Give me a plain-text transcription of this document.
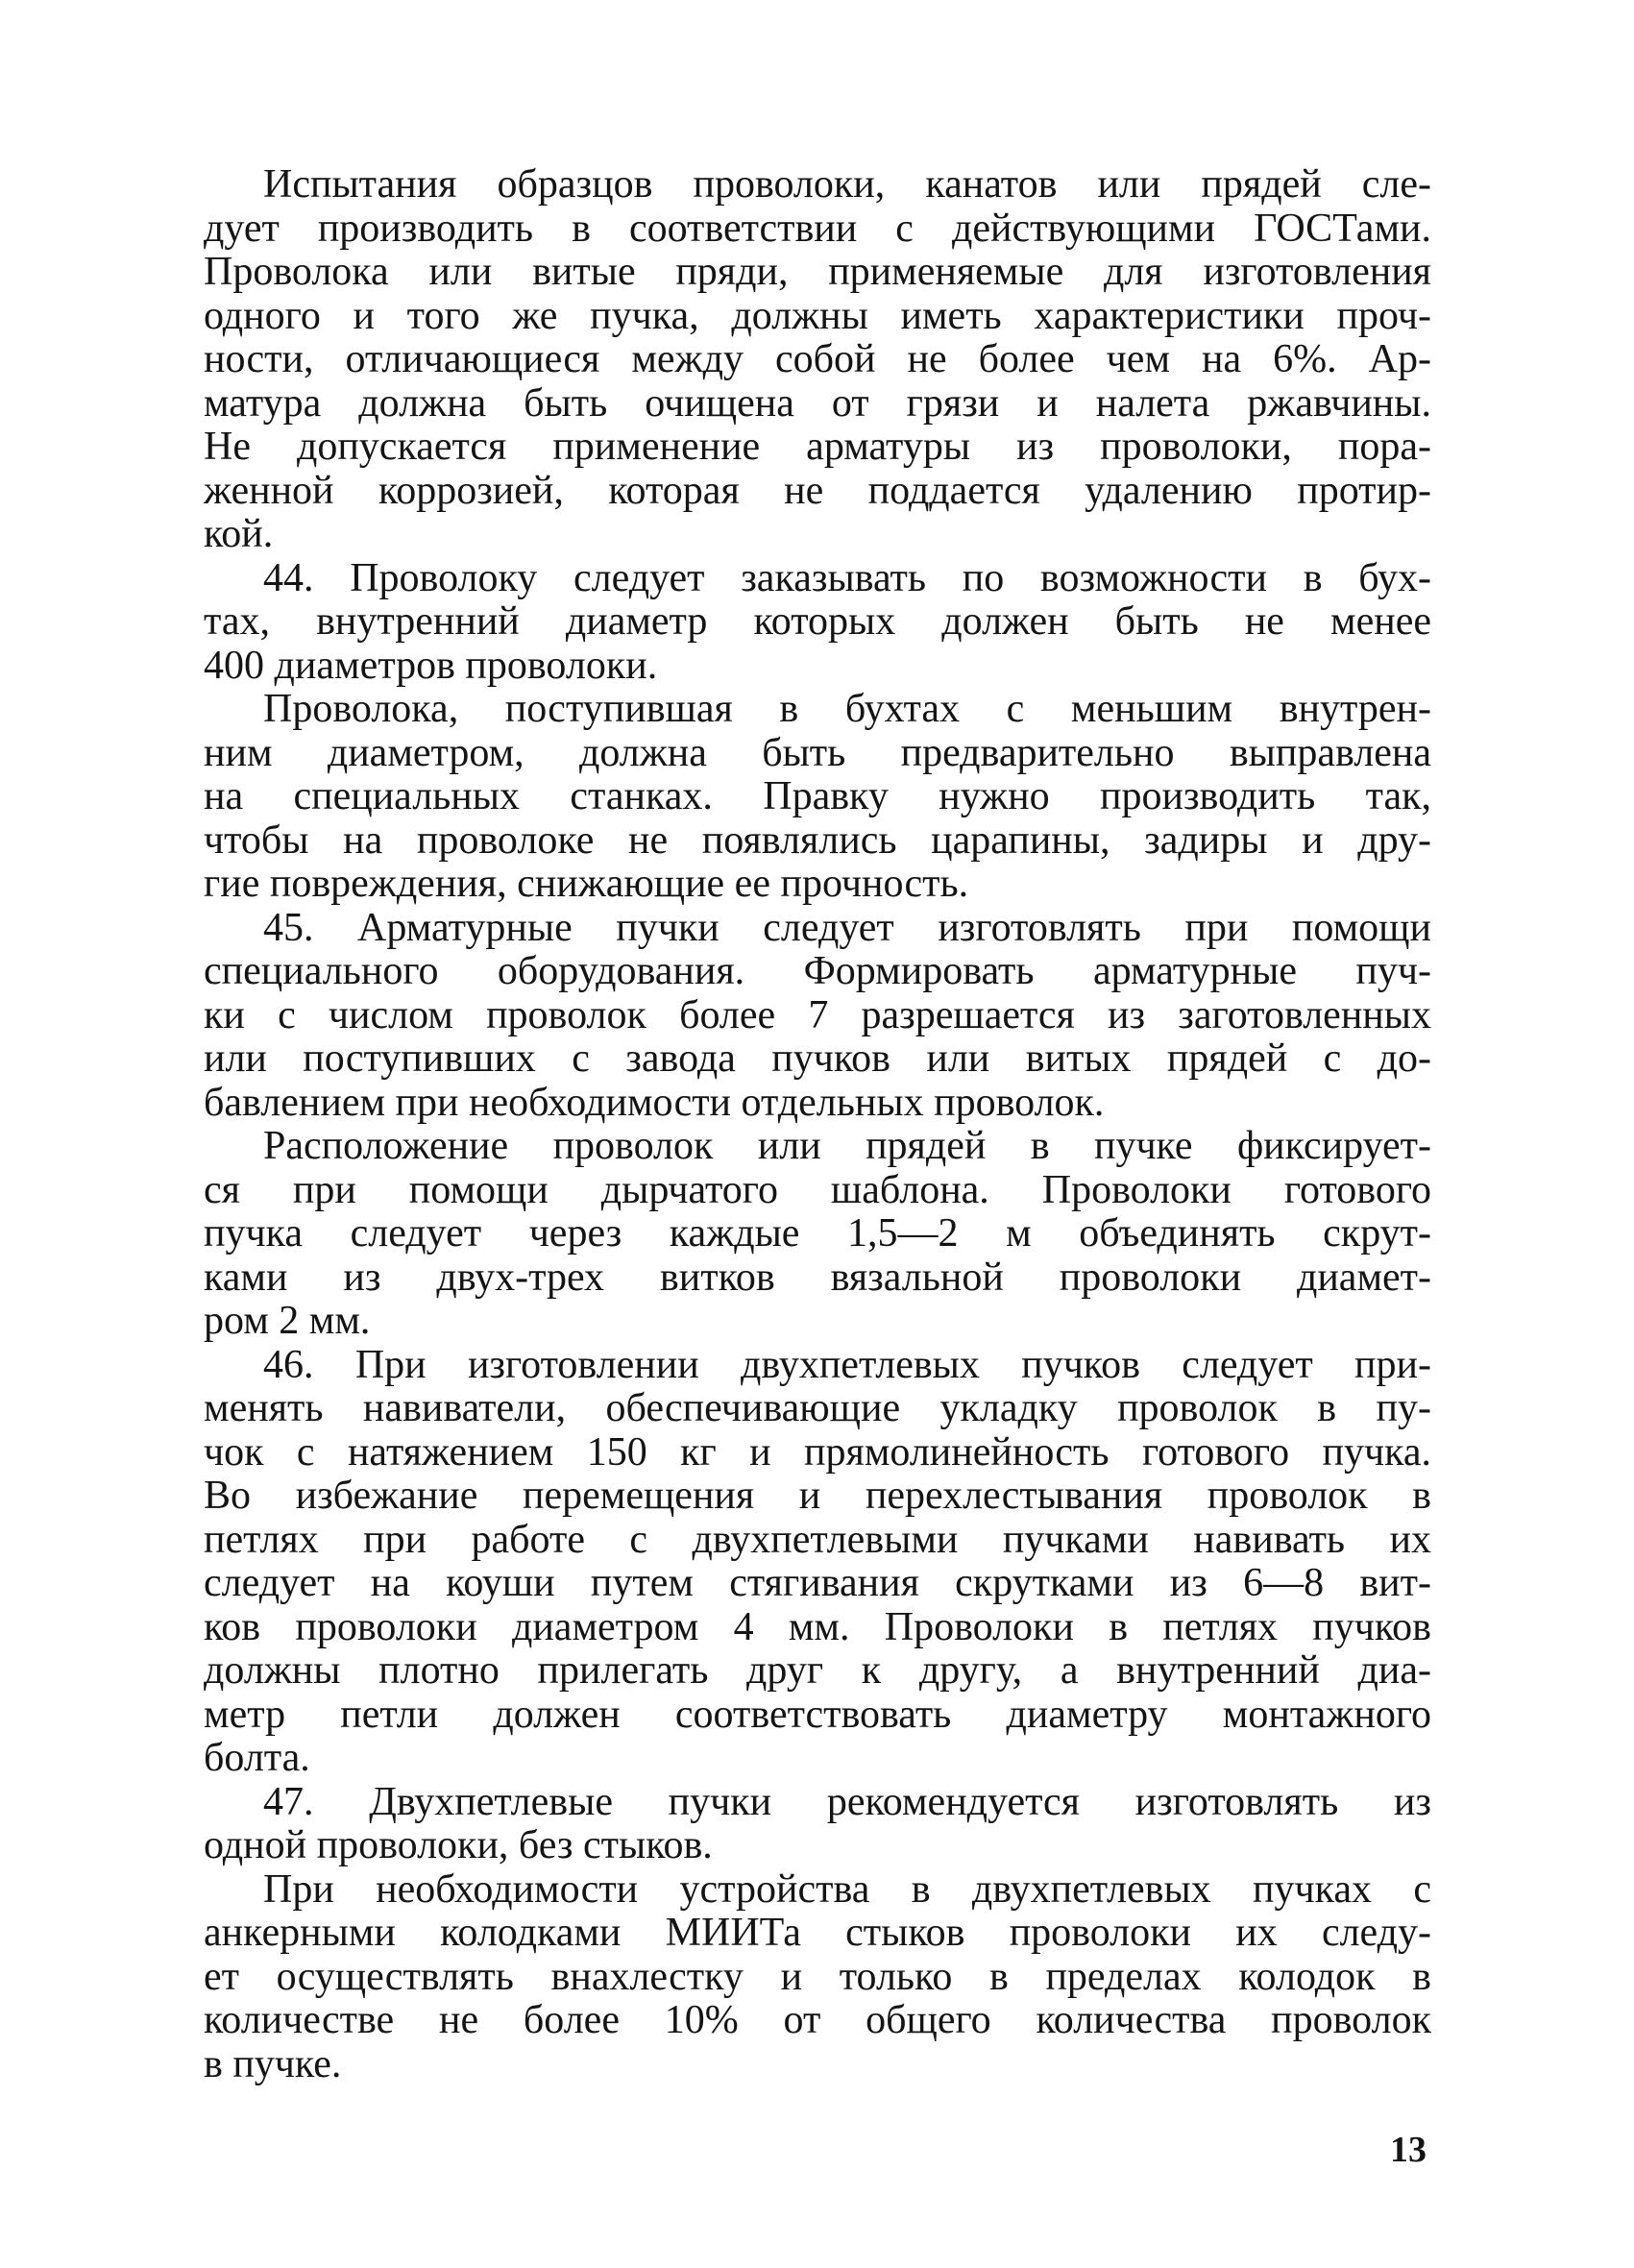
Испытания образцов проволоки, канатов или прядей сле-
дует производить в соответствии с действующими ГОСТами.
Проволока или витые пряди, применяемые для изготовления
одного и того же пучка, должны иметь характеристики проч-
ности, отличающиеся между собой не более чем на 6%. Ар-
матура должна быть очищена от грязи и налета ржавчины.
Не допускается применение арматуры из проволоки, пора-
женной коррозией, которая не поддается удалению протир-
кой.
44. Проволоку следует заказывать по возможности в бух-
тах, внутренний диаметр которых должен быть не менее
400 диаметров проволоки.
Проволока, поступившая в бухтах с меньшим внутрен-
ним диаметром, должна быть предварительно выправлена
на специальных станках. Правку нужно производить так,
чтобы на проволоке не появлялись царапины, задиры и дру-
гие повреждения, снижающие ее прочность.
45. Арматурные пучки следует изготовлять при помощи
специального оборудования. Формировать арматурные пуч-
ки с числом проволок более 7 разрешается из заготовленных
или поступивших с завода пучков или витых прядей с до-
бавлением при необходимости отдельных проволок.
Расположение проволок или прядей в пучке фиксирует-
ся при помощи дырчатого шаблона. Проволоки готового
пучка следует через каждые 1,5—2 м объединять скрут-
ками из двух-трех витков вязальной проволоки диамет-
ром 2 мм.
46. При изготовлении двухпетлевых пучков следует при-
менять навиватели, обеспечивающие укладку проволок в пу-
чок с натяжением 150 кг и прямолинейность готового пучка.
Во избежание перемещения и перехлестывания проволок в
петлях при работе с двухпетлевыми пучками навивать их
следует на коуши путем стягивания скрутками из 6—8 вит-
ков проволоки диаметром 4 мм. Проволоки в петлях пучков
должны плотно прилегать друг к другу, а внутренний диа-
метр петли должен соответствовать диаметру монтажного
болта.
47. Двухпетлевые пучки рекомендуется изготовлять из
одной проволоки, без стыков.
При необходимости устройства в двухпетлевых пучках с
анкерными колодками МИИТа стыков проволоки их следу-
ет осуществлять внахлестку и только в пределах колодок в
количестве не более 10% от общего количества проволок
в пучке.
13
